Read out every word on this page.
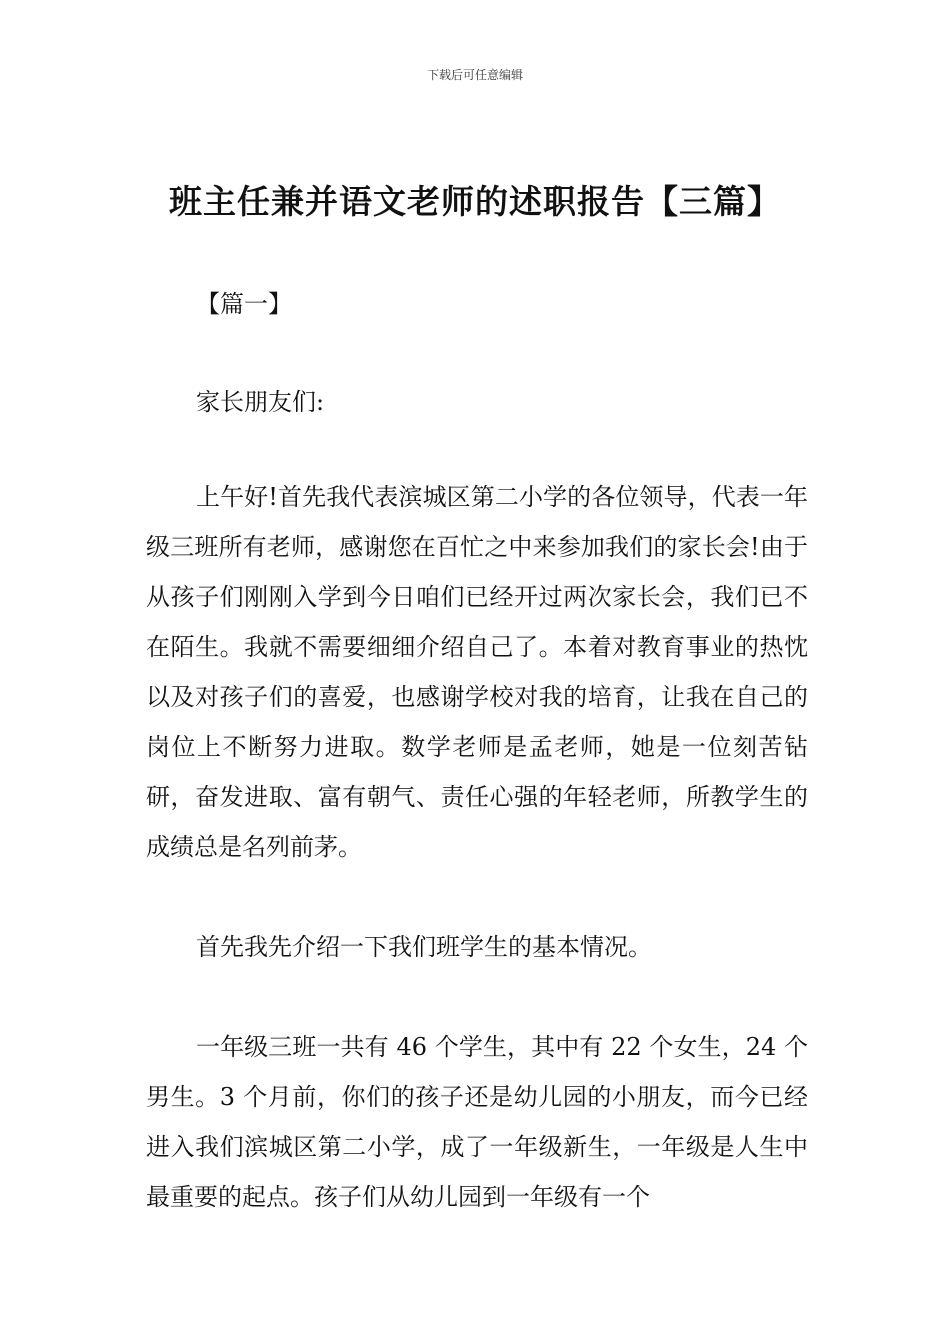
下载后可任意编辑
班主任兼并语文老师的述职报告【三篇】

【篇一】

家长朋友们:

上午好!首先我代表滨城区第二小学的各位领导，代表一年级三班所有老师，感谢您在百忙之中来参加我们的家长会!由于从孩子们刚刚入学到今日咱们已经开过两次家长会，我们已不在陌生。我就不需要细细介绍自己了。本着对教育事业的热忱以及对孩子们的喜爱，也感谢学校对我的培育，让我在自己的岗位上不断努力进取。数学老师是孟老师，她是一位刻苦钻研，奋发进取、富有朝气、责任心强的年轻老师，所教学生的成绩总是名列前茅。

首先我先介绍一下我们班学生的基本情况。

一年级三班一共有 46 个学生，其中有 22 个女生，24 个男生。3 个月前，你们的孩子还是幼儿园的小朋友，而今已经进入我们滨城区第二小学，成了一年级新生，一年级是人生中最重要的起点。孩子们从幼儿园到一年级有一个
